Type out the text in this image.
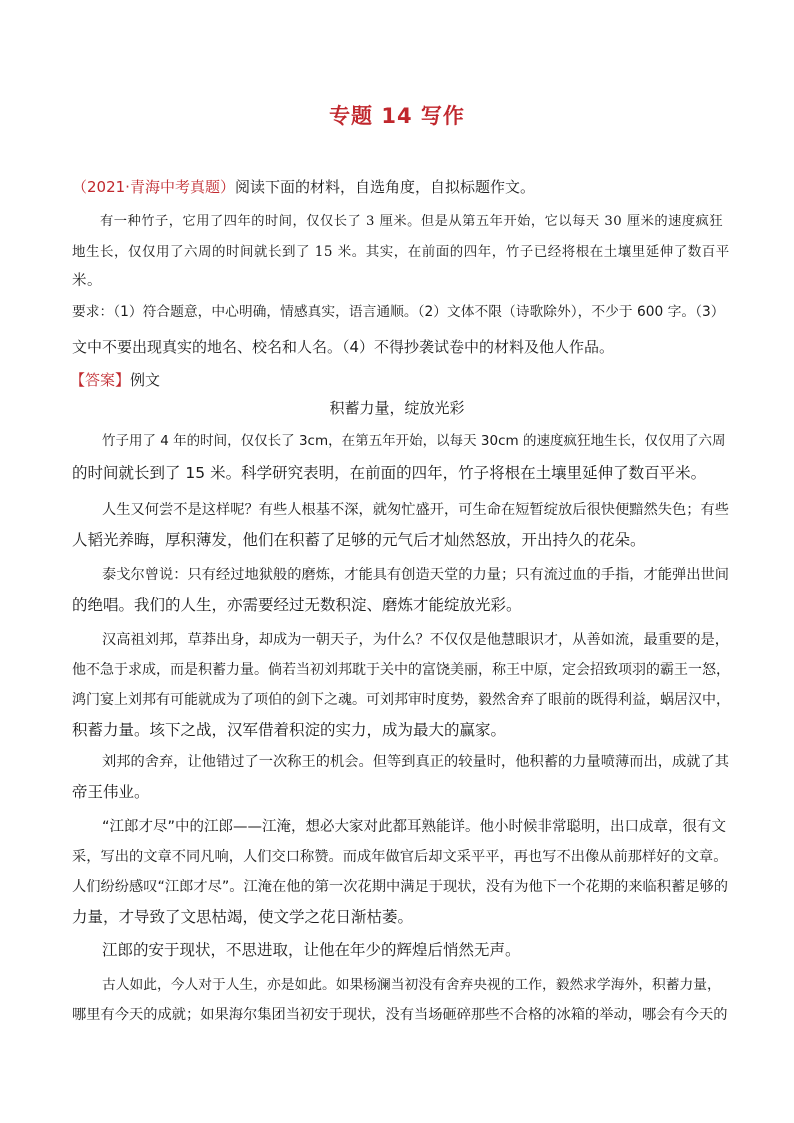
专题 14 写作
（2021·青海中考真题）阅读下面的材料，自选角度，自拟标题作文。
有一种竹子，它用了四年的时间，仅仅长了 3 厘米。但是从第五年开始，它以每天 30 厘米的速度疯狂
地生长，仅仅用了六周的时间就长到了 15 米。其实，在前面的四年，竹子已经将根在土壤里延伸了数百平
米。
要求：（1）符合题意，中心明确，情感真实，语言通顺。（2）文体不限（诗歌除外），不少于 600 字。（3）
文中不要出现真实的地名、校名和人名。（4）不得抄袭试卷中的材料及他人作品。
【答案】例文
积蓄力量，绽放光彩
竹子用了 4 年的时间，仅仅长了 3cm，在第五年开始，以每天 30cm 的速度疯狂地生长，仅仅用了六周
的时间就长到了 15 米。科学研究表明，在前面的四年，竹子将根在土壤里延伸了数百平米。
人生又何尝不是这样呢？有些人根基不深，就匆忙盛开，可生命在短暂绽放后很快便黯然失色；有些
人韬光养晦，厚积薄发，他们在积蓄了足够的元气后才灿然怒放，开出持久的花朵。
泰戈尔曾说：只有经过地狱般的磨炼，才能具有创造天堂的力量；只有流过血的手指，才能弹出世间
的绝唱。我们的人生，亦需要经过无数积淀、磨炼才能绽放光彩。
汉高祖刘邦，草莽出身，却成为一朝天子，为什么？不仅仅是他慧眼识才，从善如流，最重要的是，
他不急于求成，而是积蓄力量。倘若当初刘邦耽于关中的富饶美丽，称王中原，定会招致项羽的霸王一怒，
鸿门宴上刘邦有可能就成为了项伯的剑下之魂。可刘邦审时度势，毅然舍弃了眼前的既得利益，蜗居汉中，
积蓄力量。垓下之战，汉军借着积淀的实力，成为最大的赢家。
刘邦的舍弃，让他错过了一次称王的机会。但等到真正的较量时，他积蓄的力量喷薄而出，成就了其
帝王伟业。
“江郎才尽”中的江郎——江淹，想必大家对此都耳熟能详。他小时候非常聪明，出口成章，很有文
采，写出的文章不同凡响，人们交口称赞。而成年做官后却文采平平，再也写不出像从前那样好的文章。
人们纷纷感叹“江郎才尽”。江淹在他的第一次花期中满足于现状，没有为他下一个花期的来临积蓄足够的
力量，才导致了文思枯竭，使文学之花日渐枯萎。
江郎的安于现状，不思进取，让他在年少的辉煌后悄然无声。
古人如此，今人对于人生，亦是如此。如果杨澜当初没有舍弃央视的工作，毅然求学海外，积蓄力量，
哪里有今天的成就；如果海尔集团当初安于现状，没有当场砸碎那些不合格的冰箱的举动，哪会有今天的
